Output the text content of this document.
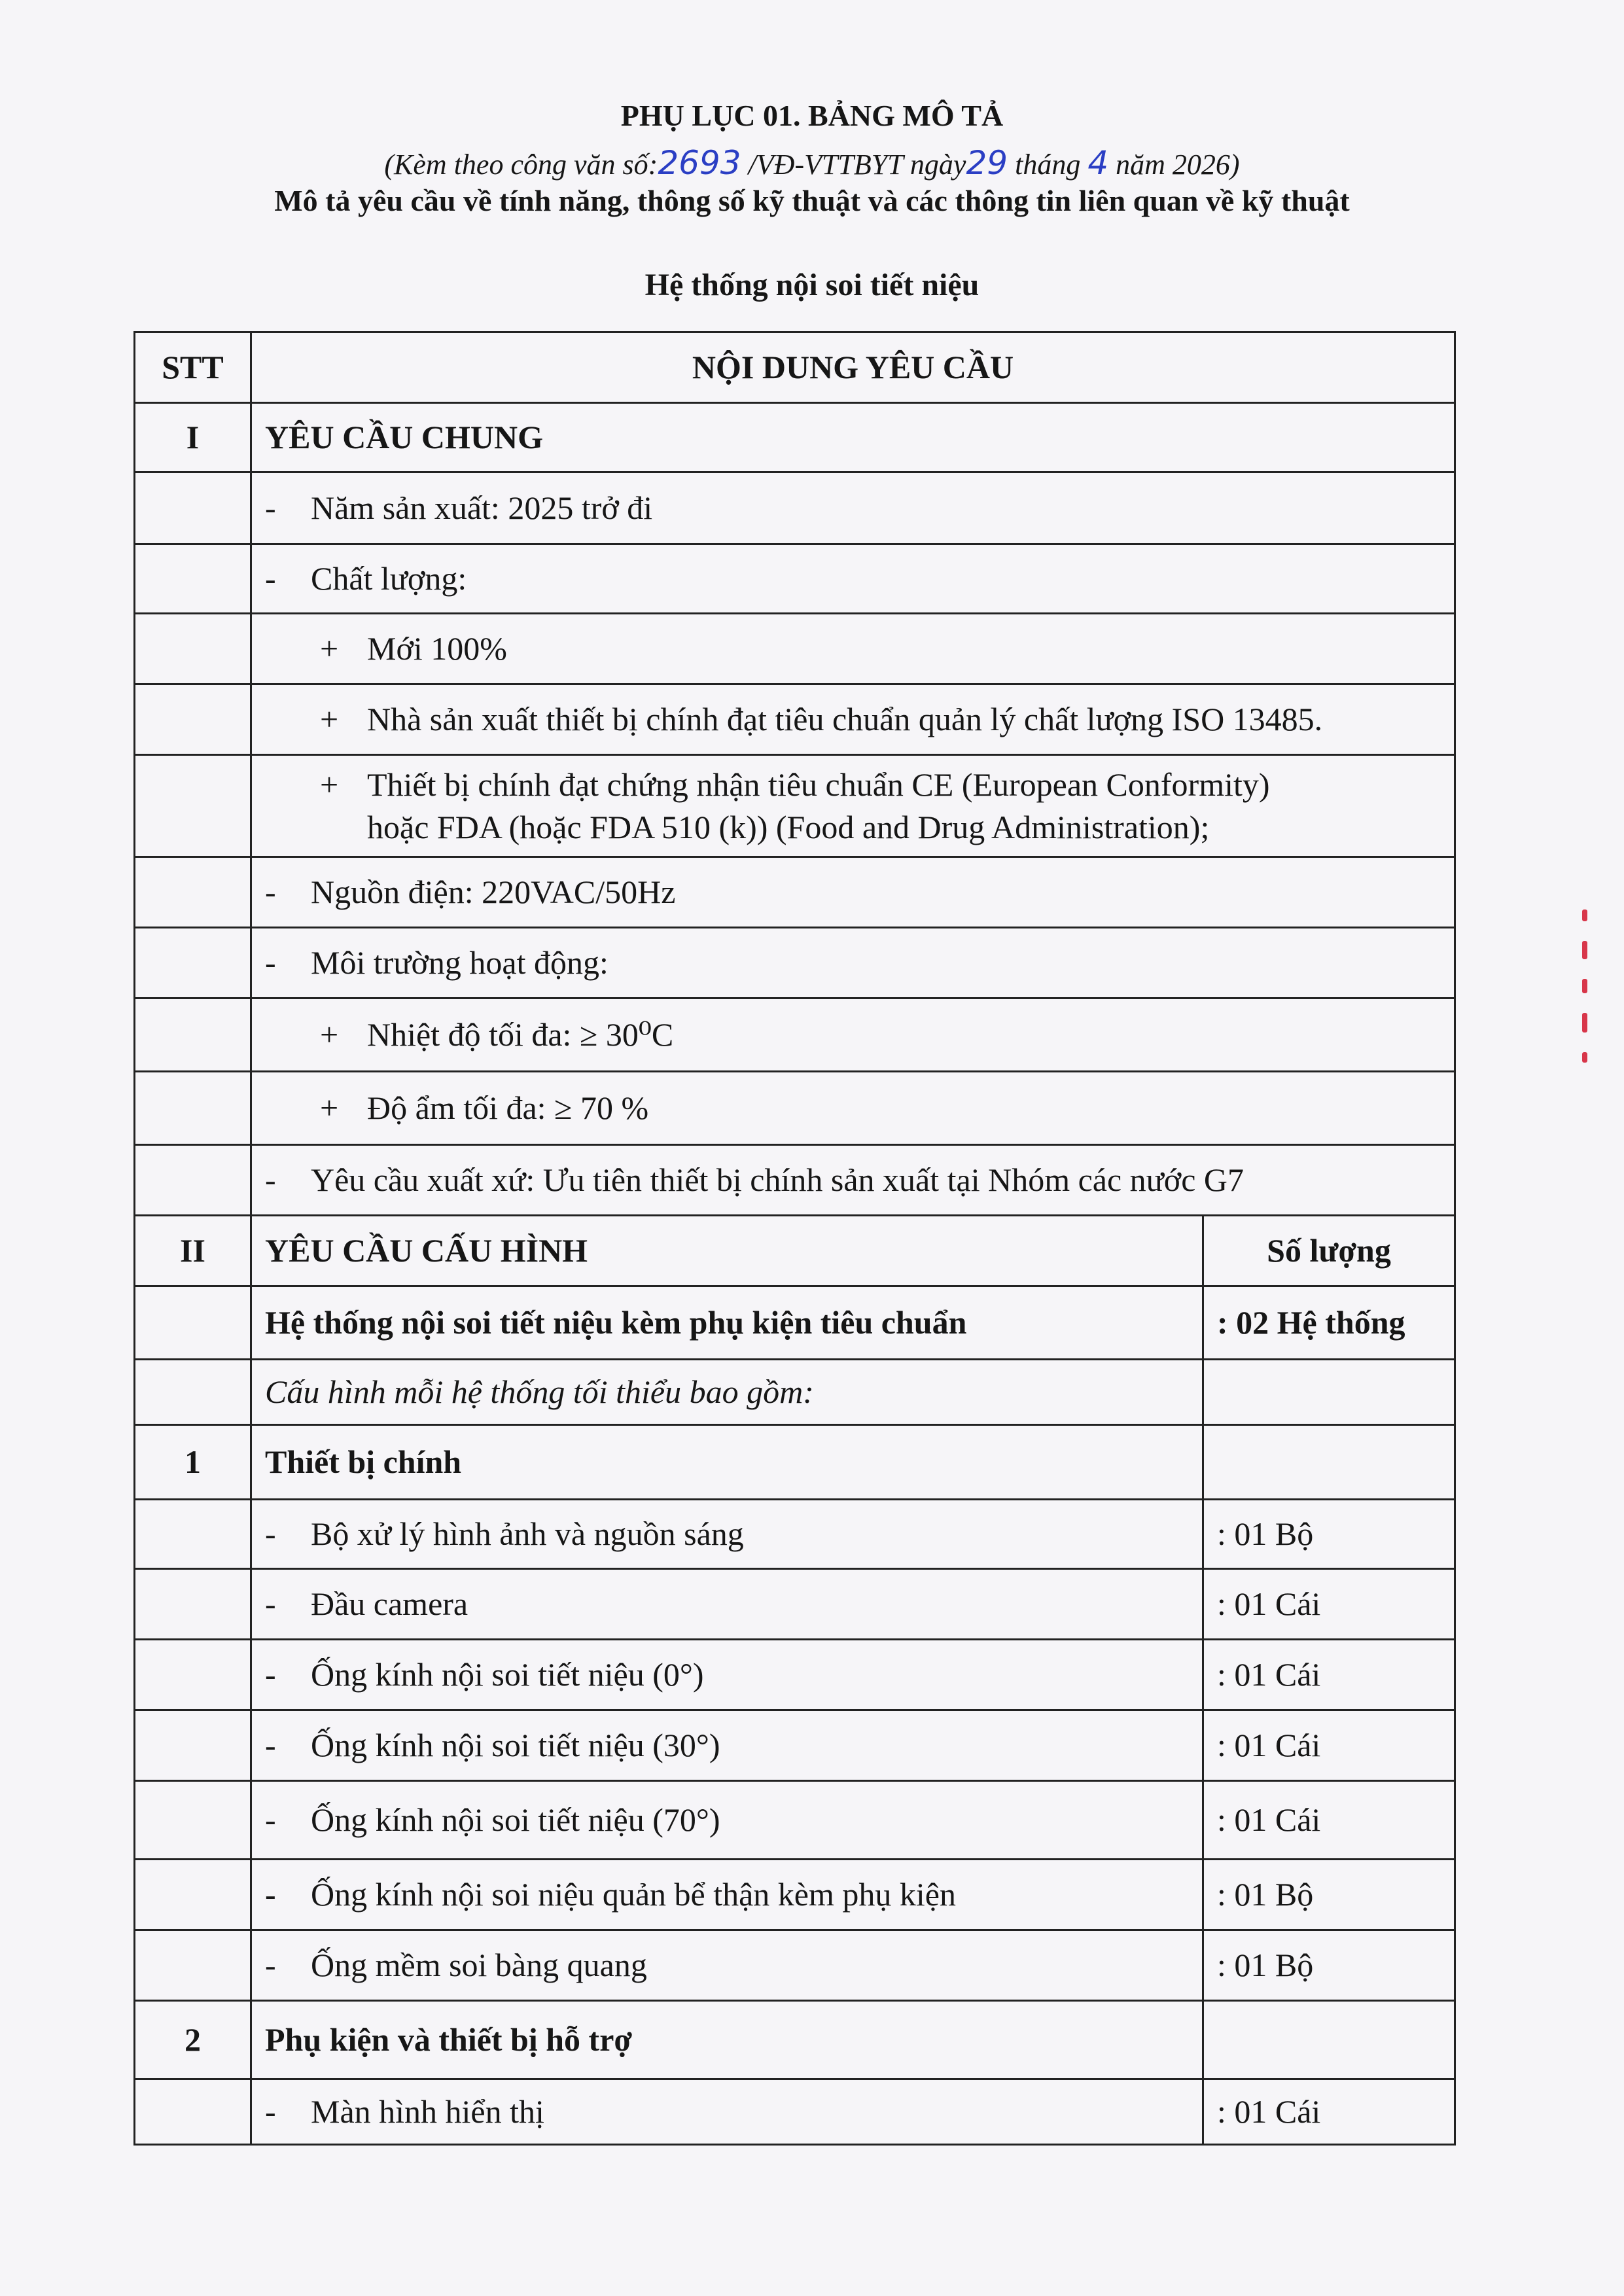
PHỤ LỤC 01. BẢNG MÔ TẢ
(Kèm theo công văn số:2693 /VĐ-VTTBYT ngày29 tháng 4 năm 2026)
Mô tả yêu cầu về tính năng, thông số kỹ thuật và các thông tin liên quan về kỹ thuật
Hệ thống nội soi tiết niệu
STT	NỘI DUNG YÊU CẦU	
I	YÊU CẦU CHUNG	
	- Năm sản xuất: 2025 trở đi	
	- Chất lượng:	
	+ Mới 100%	
	+ Nhà sản xuất thiết bị chính đạt tiêu chuẩn quản lý chất lượng ISO 13485.	

	+ Thiết bị chính đạt chứng nhận tiêu chuẩn CE (European Conformity)
hoặc FDA (hoặc FDA 510 (k)) (Food and Drug Administration);	

	- Nguồn điện: 220VAC/50Hz	
	- Môi trường hoạt động:	
	+ Nhiệt độ tối đa: ≥ 30⁰C	
	+ Độ ẩm tối đa: ≥ 70 %	
	- Yêu cầu xuất xứ: Ưu tiên thiết bị chính sản xuất tại Nhóm các nước G7	
II	YÊU CẦU CẤU HÌNH	Số lượng
	Hệ thống nội soi tiết niệu kèm phụ kiện tiêu chuẩn	: 02 Hệ thống
	Cấu hình mỗi hệ thống tối thiểu bao gồm:	
1	Thiết bị chính	
	- Bộ xử lý hình ảnh và nguồn sáng	: 01 Bộ
	- Đầu camera	: 01 Cái
	- Ống kính nội soi tiết niệu (0°)	: 01 Cái
	- Ống kính nội soi tiết niệu (30°)	: 01 Cái
	- Ống kính nội soi tiết niệu (70°)	: 01 Cái
	- Ống kính nội soi niệu quản bể thận kèm phụ kiện	: 01 Bộ
	- Ống mềm soi bàng quang	: 01 Bộ
2	Phụ kiện và thiết bị hỗ trợ	
	- Màn hình hiển thị	: 01 Cái
